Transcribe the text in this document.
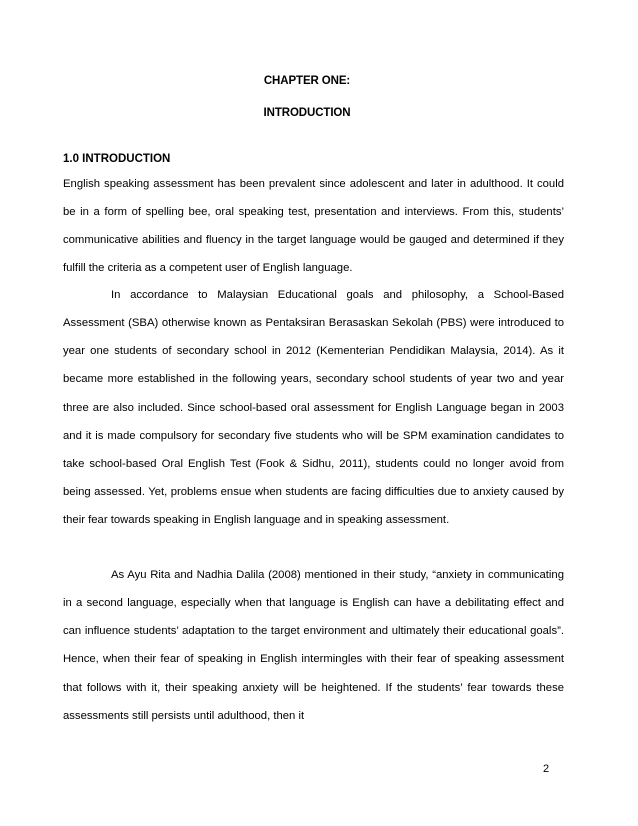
CHAPTER ONE:
INTRODUCTION
1.0 INTRODUCTION

English speaking assessment has been prevalent since adolescent and later in adulthood. It could be in a form of spelling bee, oral speaking test, presentation and interviews. From this, students’ communicative abilities and fluency in the target language would be gauged and determined if they fulfill the criteria as a competent user of English language.

In accordance to Malaysian Educational goals and philosophy, a School-Based Assessment (SBA) otherwise known as Pentaksiran Berasaskan Sekolah (PBS) were introduced to year one students of secondary school in 2012 (Kementerian Pendidikan Malaysia, 2014). As it became more established in the following years, secondary school students of year two and year three are also included. Since school-based oral assessment for English Language began in 2003 and it is made compulsory for secondary five students who will be SPM examination candidates to take school-based Oral English Test (Fook & Sidhu, 2011), students could no longer avoid from being assessed. Yet, problems ensue when students are facing difficulties due to anxiety caused by their fear towards speaking in English language and in speaking assessment.

As Ayu Rita and Nadhia Dalila (2008) mentioned in their study, “anxiety in communicating in a second language, especially when that language is English can have a debilitating effect and can influence students’ adaptation to the target environment and ultimately their educational goals”. Hence, when their fear of speaking in English intermingles with their fear of speaking assessment that follows with it, their speaking anxiety will be heightened. If the students’ fear towards these assessments still persists until adulthood, then it

2
